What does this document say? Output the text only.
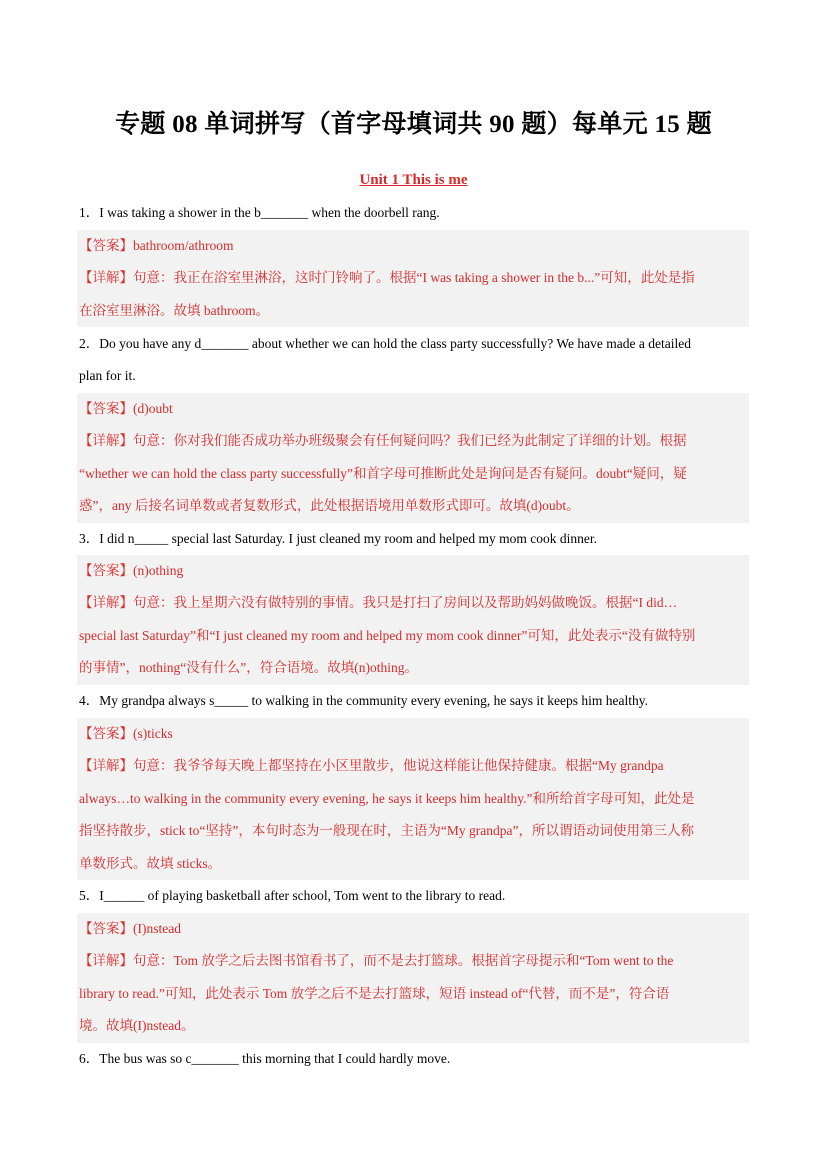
专题 08 单词拼写（首字母填词共 90 题）每单元 15 题
Unit 1 This is me
1．I was taking a shower in the b_______ when the doorbell rang.
【答案】bathroom/athroom
【详解】句意：我正在浴室里淋浴，这时门铃响了。根据“I was taking a shower in the b...”可知，此处是指
在浴室里淋浴。故填 bathroom。
2．Do you have any d_______ about whether we can hold the class party successfully? We have made a detailed
plan for it.
【答案】(d)oubt
【详解】句意：你对我们能否成功举办班级聚会有任何疑问吗？我们已经为此制定了详细的计划。根据
“whether we can hold the class party successfully”和首字母可推断此处是询问是否有疑问。doubt“疑问，疑
惑”，any 后接名词单数或者复数形式，此处根据语境用单数形式即可。故填(d)oubt。
3．I did n_____ special last Saturday. I just cleaned my room and helped my mom cook dinner.
【答案】(n)othing
【详解】句意：我上星期六没有做特别的事情。我只是打扫了房间以及帮助妈妈做晚饭。根据“I did…
special last Saturday”和“I just cleaned my room and helped my mom cook dinner”可知，此处表示“没有做特别
的事情”，nothing“没有什么”，符合语境。故填(n)othing。
4．My grandpa always s_____ to walking in the community every evening, he says it keeps him healthy.
【答案】(s)ticks
【详解】句意：我爷爷每天晚上都坚持在小区里散步，他说这样能让他保持健康。根据“My grandpa
always…to walking in the community every evening, he says it keeps him healthy.”和所给首字母可知，此处是
指坚持散步，stick to“坚持”，本句时态为一般现在时，主语为“My grandpa”，所以谓语动词使用第三人称
单数形式。故填 sticks。
5．I______ of playing basketball after school, Tom went to the library to read.
【答案】(I)nstead
【详解】句意：Tom 放学之后去图书馆看书了，而不是去打篮球。根据首字母提示和“Tom went to the
library to read.”可知，此处表示 Tom 放学之后不是去打篮球，短语 instead of“代替，而不是”，符合语
境。故填(I)nstead。
6．The bus was so c_______ this morning that I could hardly move.
